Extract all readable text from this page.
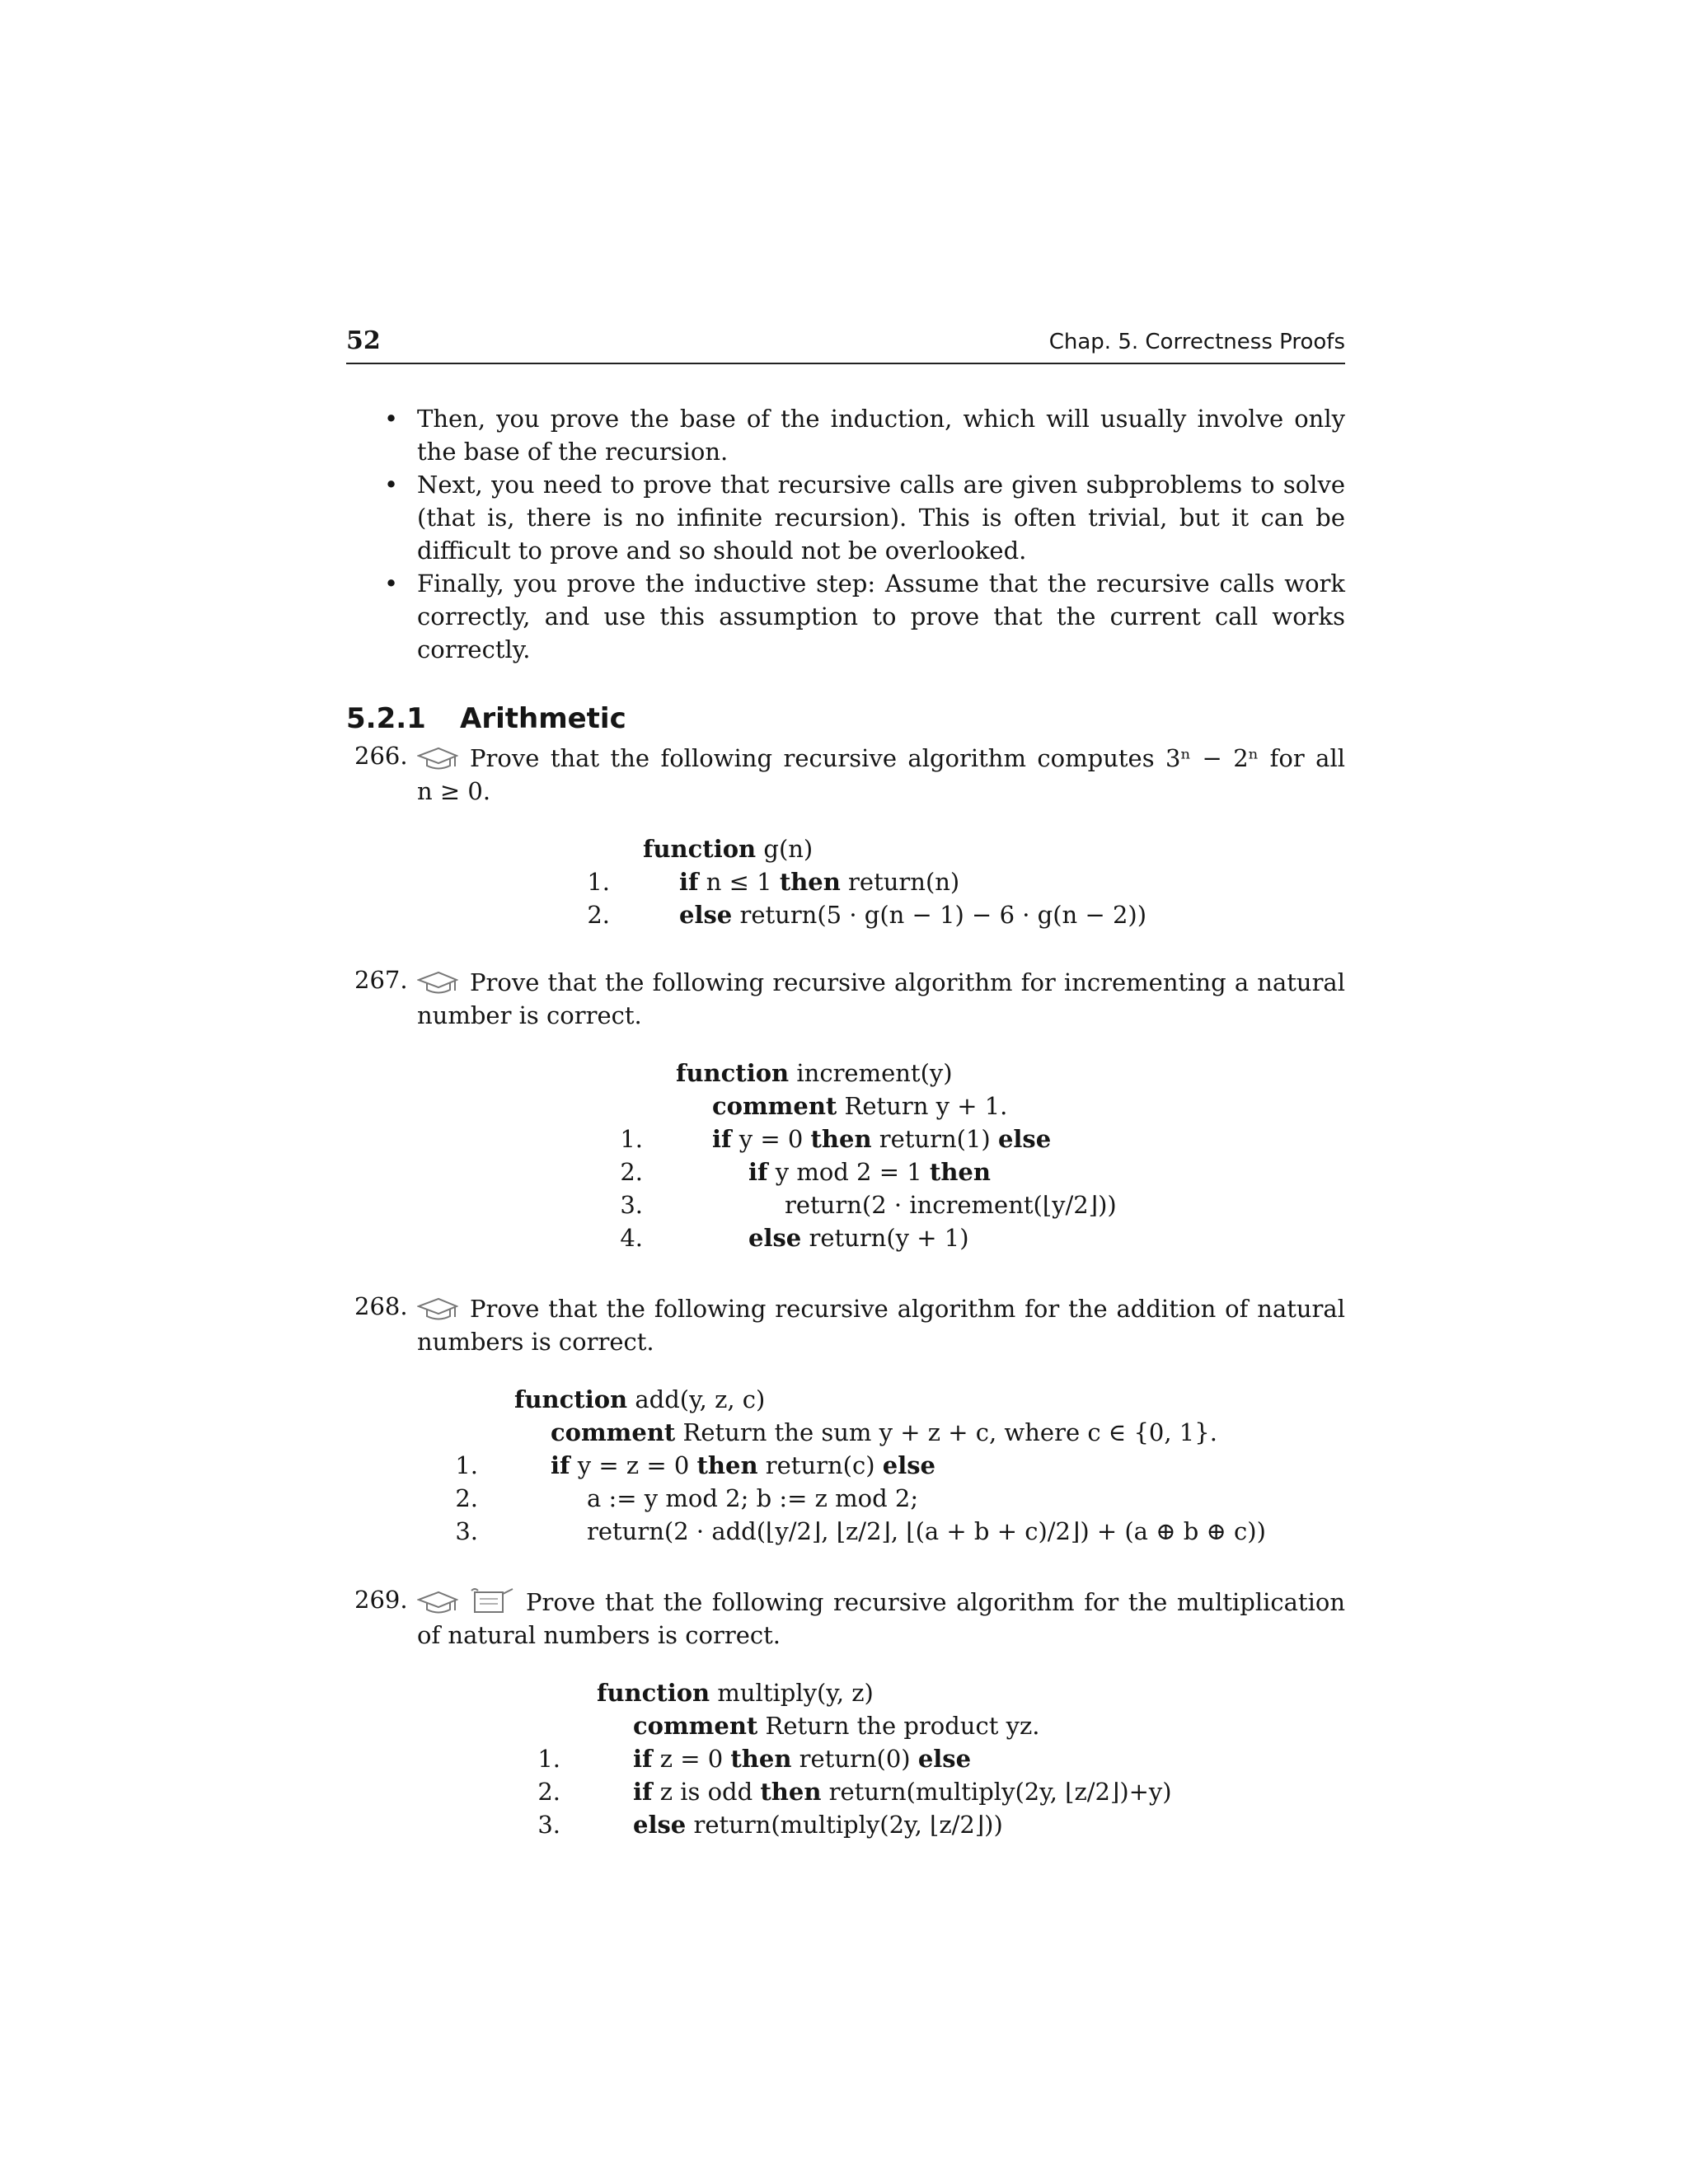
52	Chap. 5. Correctness Proofs
• Then, you prove the base of the induction, which will usually involve only the base of the recursion.
• Next, you need to prove that recursive calls are given subproblems to solve (that is, there is no infinite recursion). This is often trivial, but it can be difficult to prove and so should not be overlooked.
• Finally, you prove the inductive step: Assume that the recursive calls work correctly, and use this assumption to prove that the current call works correctly.
5.2.1 Arithmetic
266.	Prove that the following recursive algorithm computes 3ⁿ − 2ⁿ for all
n ≥ 0.
function g(n)
1.	if n ≤ 1 then return(n)
2.	else return(5 · g(n − 1) − 6 · g(n − 2))
267.	Prove that the following recursive algorithm for incrementing a natural
number is correct.
function increment(y)
comment Return y + 1.
1.	if y = 0 then return(1) else
2.	if y mod 2 = 1 then
3.	return(2 · increment(⌊y/2⌋))
4.	else return(y + 1)
268.	Prove that the following recursive algorithm for the addition of natural
numbers is correct.
function add(y, z, c)
comment Return the sum y + z + c, where c ∈ {0, 1}.
1.	if y = z = 0 then return(c) else
2.	a := y mod 2; b := z mod 2;
3.	return(2 · add(⌊y/2⌋, ⌊z/2⌋, ⌊(a + b + c)/2⌋) + (a ⊕ b ⊕ c))
269.	Prove that the following recursive algorithm for the multiplication
of natural numbers is correct.
function multiply(y, z)
comment Return the product yz.
1.	if z = 0 then return(0) else
2.	if z is odd then return(multiply(2y, ⌊z/2⌋)+y)
3.	else return(multiply(2y, ⌊z/2⌋))
